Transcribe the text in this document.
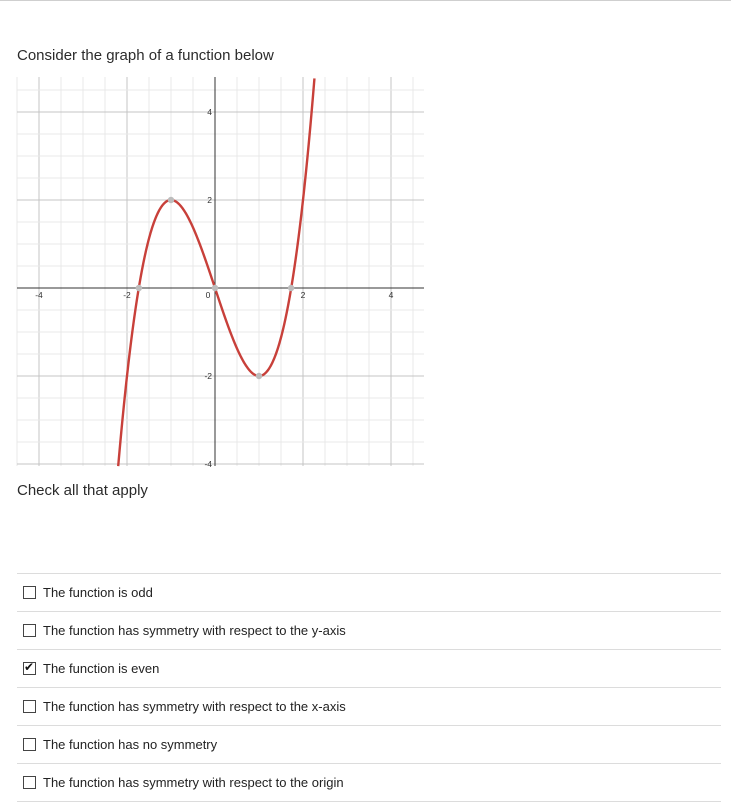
Consider the graph of a function below
-4	-2	0	2	4
4
2
-2
-4
Check all that apply
The function is odd
The function has symmetry with respect to the y-axis
✔ The function is even
The function has symmetry with respect to the x-axis
The function has no symmetry
The function has symmetry with respect to the origin
